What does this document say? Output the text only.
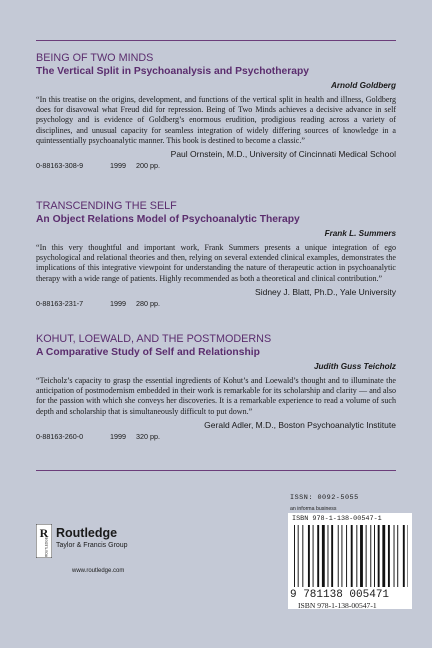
BEING OF TWO MINDS
The Vertical Split in Psychoanalysis and Psychotherapy
Arnold Goldberg
“In this treatise on the origins, development, and functions of the vertical split in health and illness, Goldberg does for disavowal what Freud did for repression. Being of Two Minds achieves a decisive advance in self psychology and is evidence of Goldberg’s enormous erudition, prodigious reading across a variety of disciplines, and unusual capacity for seamless integration of widely differing sources of knowledge in a quintessentially psychoanalytic manner. This book is destined to become a classic.”
Paul Ornstein, M.D., University of Cincinnati Medical School
0-88163-308-9	1999 200 pp.
TRANSCENDING THE SELF
An Object Relations Model of Psychoanalytic Therapy
Frank L. Summers
“In this very thoughtful and important work, Frank Summers presents a unique integration of ego psychological and relational theories and then, relying on several extended clinical examples, demonstrates the implications of this integrative viewpoint for understanding the nature of therapeutic action in psychoanalytic therapy with a wide range of patients. Highly recommended as both a theoretical and clinical contribution.”
Sidney J. Blatt, Ph.D., Yale University
0-88163-231-7	1999 280 pp.
KOHUT, LOEWALD, AND THE POSTMODERNS
A Comparative Study of Self and Relationship
Judith Guss Teicholz
“Teicholz’s capacity to grasp the essential ingredients of Kohut’s and Loewald’s thought and to illuminate the anticipation of postmodernism embedded in their work is remarkable for its scholarship and clarity — and also for the passion with which she conveys her discoveries. It is a remarkable experience to read a volume of such depth and scholarship that is simultaneously difficult to put down.”
Gerald Adler, M.D., Boston Psychoanalytic Institute
0-88163-260-0	1999 320 pp.
R
ROUTLEDGE
Routledge
Taylor & Francis Group
www.routledge.com
ISSN: 0092-5055
an informa business
ISBN 978-1-138-00547-1
9 781138 005471
ISBN 978-1-138-00547-1
